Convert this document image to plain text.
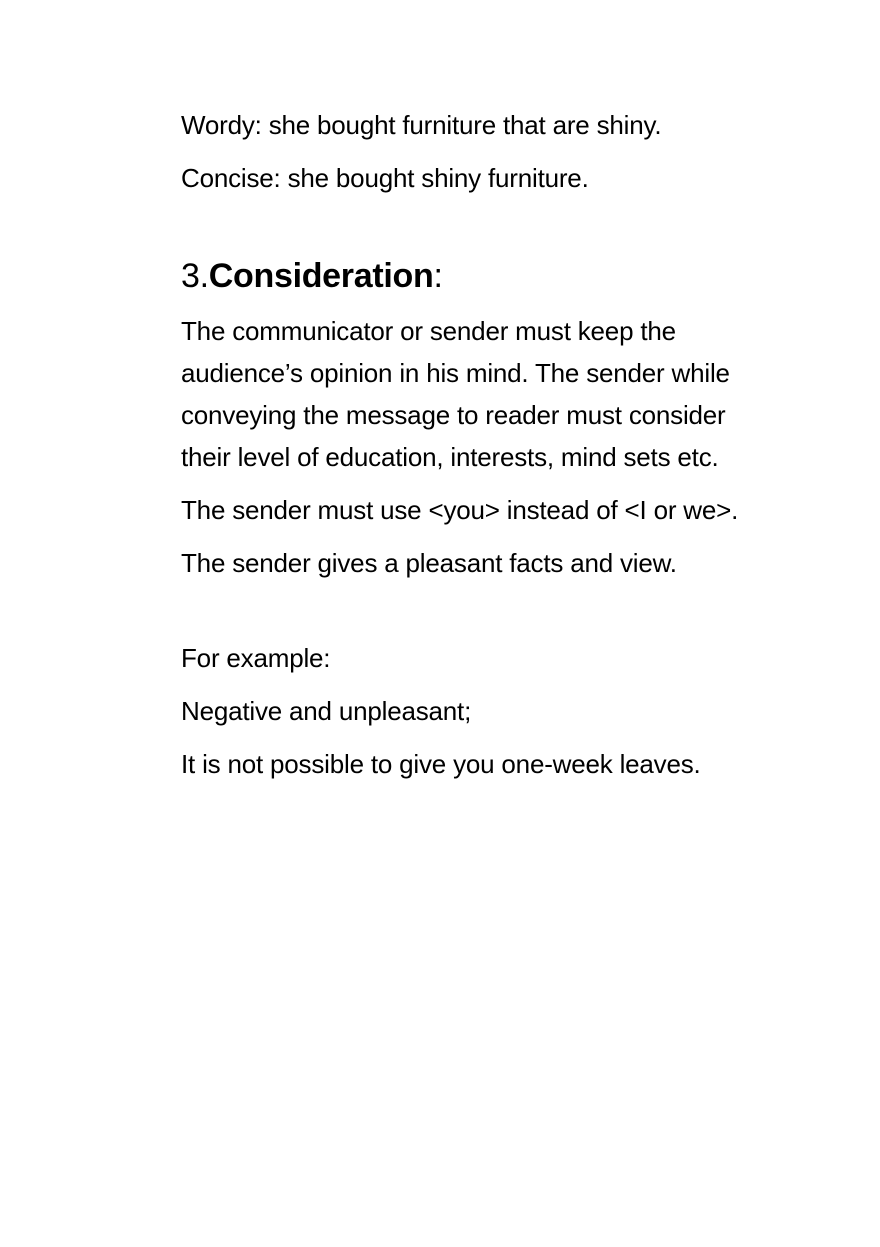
Wordy: she bought furniture that are shiny.

Concise: she bought shiny furniture.

3.Consideration:

The communicator or sender must keep the audience’s opinion in his mind. The sender while conveying the message to reader must consider their level of education, interests, mind sets etc.

The sender must use <you> instead of <I or we>.

The sender gives a pleasant facts and view.

For example:

Negative and unpleasant;

It is not possible to give you one-week leaves.
